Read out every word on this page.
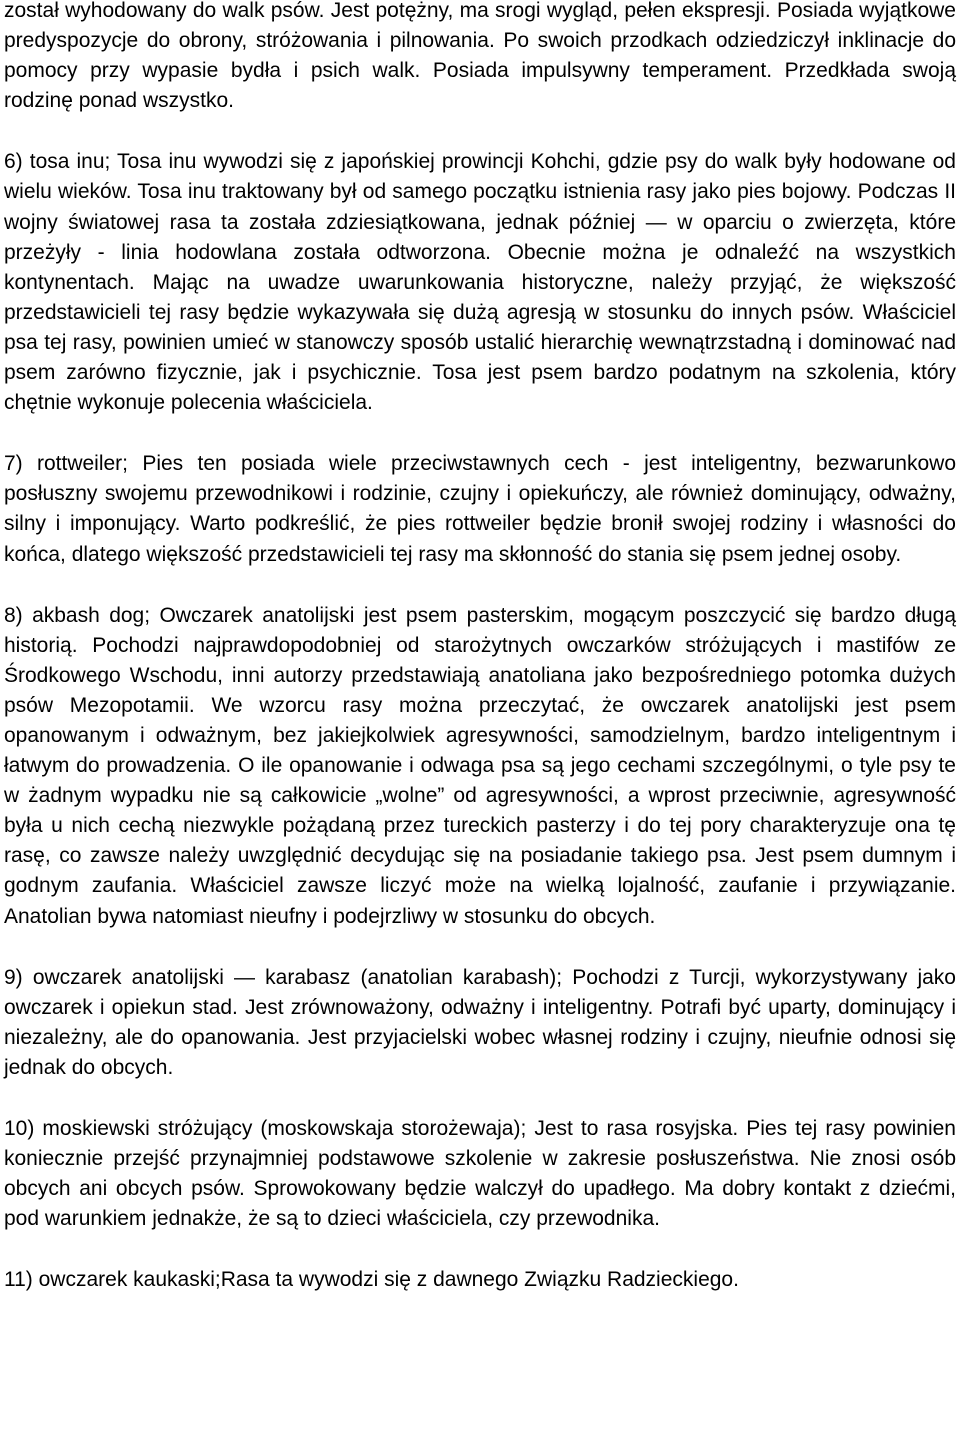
został wyhodowany do walk psów. Jest potężny, ma srogi wygląd, pełen ekspresji. Posiada wyjątkowe predyspozycje do obrony, stróżowania i pilnowania. Po swoich przodkach odziedziczył inklinacje do pomocy przy wypasie bydła i psich walk. Posiada impulsywny temperament. Przedkłada swoją rodzinę ponad wszystko.

6) tosa inu; Tosa inu wywodzi się z japońskiej prowincji Kohchi, gdzie psy do walk były hodowane od wielu wieków. Tosa inu traktowany był od samego początku istnienia rasy jako pies bojowy. Podczas II wojny światowej rasa ta została zdziesiątkowana, jednak później — w oparciu o zwierzęta, które przeżyły - linia hodowlana została odtworzona. Obecnie można je odnaleźć na wszystkich kontynentach. Mając na uwadze uwarunkowania historyczne, należy przyjąć, że większość przedstawicieli tej rasy będzie wykazywała się dużą agresją w stosunku do innych psów. Właściciel psa tej rasy, powinien umieć w stanowczy sposób ustalić hierarchię wewnątrzstadną i dominować nad psem zarówno fizycznie, jak i psychicznie. Tosa jest psem bardzo podatnym na szkolenia, który chętnie wykonuje polecenia właściciela.

7) rottweiler; Pies ten posiada wiele przeciwstawnych cech - jest inteligentny, bezwarunkowo posłuszny swojemu przewodnikowi i rodzinie, czujny i opiekuńczy, ale również dominujący, odważny, silny i imponujący. Warto podkreślić, że pies rottweiler będzie bronił swojej rodziny i własności do końca, dlatego większość przedstawicieli tej rasy ma skłonność do stania się psem jednej osoby.

8) akbash dog; Owczarek anatolijski jest psem pasterskim, mogącym poszczycić się bardzo długą historią. Pochodzi najprawdopodobniej od starożytnych owczarków stróżujących i mastifów ze Środkowego Wschodu, inni autorzy przedstawiają anatoliana jako bezpośredniego potomka dużych psów Mezopotamii. We wzorcu rasy można przeczytać, że owczarek anatolijski jest psem opanowanym i odważnym, bez jakiejkolwiek agresywności, samodzielnym, bardzo inteligentnym i łatwym do prowadzenia. O ile opanowanie i odwaga psa są jego cechami szczególnymi, o tyle psy te w żadnym wypadku nie są całkowicie „wolne” od agresywności, a wprost przeciwnie, agresywność była u nich cechą niezwykle pożądaną przez tureckich pasterzy i do tej pory charakteryzuje ona tę rasę, co zawsze należy uwzględnić decydując się na posiadanie takiego psa. Jest psem dumnym i godnym zaufania. Właściciel zawsze liczyć może na wielką lojalność, zaufanie i przywiązanie. Anatolian bywa natomiast nieufny i podejrzliwy w stosunku do obcych.

9) owczarek anatolijski — karabasz (anatolian karabash); Pochodzi z Turcji, wykorzystywany jako owczarek i opiekun stad. Jest zrównoważony, odważny i inteligentny. Potrafi być uparty, dominujący i niezależny, ale do opanowania. Jest przyjacielski wobec własnej rodziny i czujny, nieufnie odnosi się jednak do obcych.

10) moskiewski stróżujący (moskowskaja storożewaja); Jest to rasa rosyjska. Pies tej rasy powinien koniecznie przejść przynajmniej podstawowe szkolenie w zakresie posłuszeństwa. Nie znosi osób obcych ani obcych psów. Sprowokowany będzie walczył do upadłego. Ma dobry kontakt z dziećmi, pod warunkiem jednakże, że są to dzieci właściciela, czy przewodnika.

11) owczarek kaukaski;Rasa ta wywodzi się z dawnego Związku Radzieckiego.
